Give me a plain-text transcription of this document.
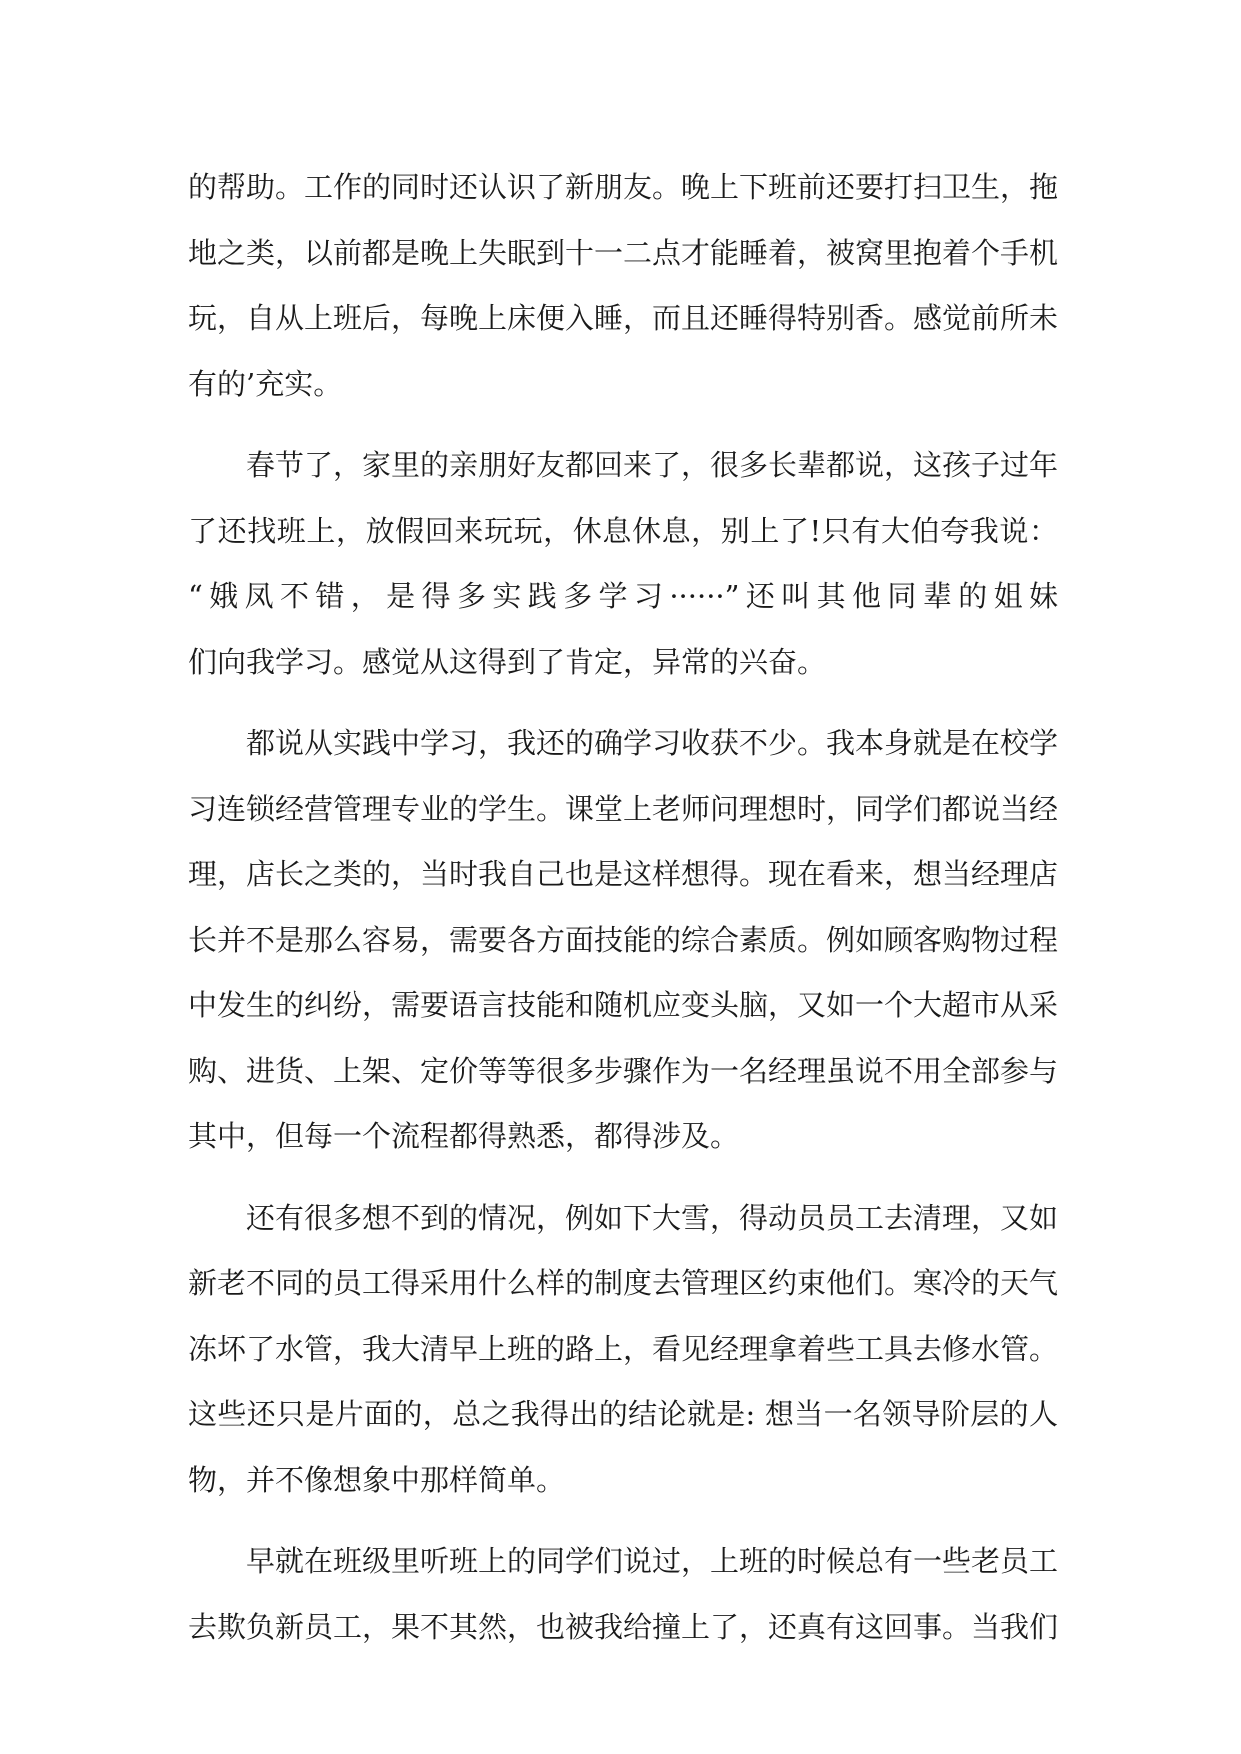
的帮助。工作的同时还认识了新朋友。晚上下班前还要打扫卫生，拖
地之类，以前都是晚上失眠到十一二点才能睡着，被窝里抱着个手机
玩，自从上班后，每晚上床便入睡，而且还睡得特别香。感觉前所未
有的’充实。
春节了，家里的亲朋好友都回来了，很多长辈都说，这孩子过年
了还找班上，放假回来玩玩，休息休息，别上了!只有大伯夸我说：
“娥凤不错，是得多实践多学习······”还叫其他同辈的姐妹
们向我学习。感觉从这得到了肯定，异常的兴奋。
都说从实践中学习，我还的确学习收获不少。我本身就是在校学
习连锁经营管理专业的学生。课堂上老师问理想时，同学们都说当经
理，店长之类的，当时我自己也是这样想得。现在看来，想当经理店
长并不是那么容易，需要各方面技能的综合素质。例如顾客购物过程
中发生的纠纷，需要语言技能和随机应变头脑，又如一个大超市从采
购、进货、上架、定价等等很多步骤作为一名经理虽说不用全部参与
其中，但每一个流程都得熟悉，都得涉及。
还有很多想不到的情况，例如下大雪，得动员员工去清理，又如
新老不同的员工得采用什么样的制度去管理区约束他们。寒冷的天气
冻坏了水管，我大清早上班的路上，看见经理拿着些工具去修水管。
这些还只是片面的，总之我得出的结论就是: 想当一名领导阶层的人
物，并不像想象中那样简单。
早就在班级里听班上的同学们说过，上班的时候总有一些老员工
去欺负新员工，果不其然，也被我给撞上了，还真有这回事。当我们
